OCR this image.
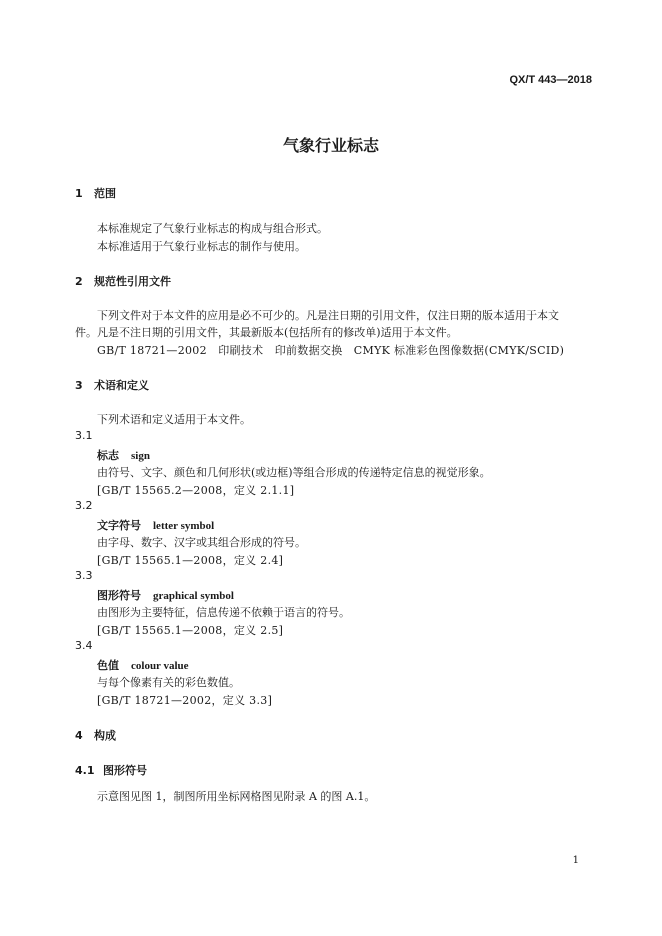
QX/T 443—2018
气象行业标志
1 范围
本标准规定了气象行业标志的构成与组合形式。
本标准适用于气象行业标志的制作与使用。
2 规范性引用文件
下列文件对于本文件的应用是必不可少的。凡是注日期的引用文件，仅注日期的版本适用于本文
件。凡是不注日期的引用文件，其最新版本(包括所有的修改单)适用于本文件。
GB/T 18721—2002　印刷技术　印前数据交换　CMYK 标准彩色图像数据(CMYK/SCID)
3 术语和定义
下列术语和定义适用于本文件。
3.1
标志 sign
由符号、文字、颜色和几何形状(或边框)等组合形成的传递特定信息的视觉形象。
[GB/T 15565.2—2008，定义 2.1.1]
3.2
文字符号 letter symbol
由字母、数字、汉字或其组合形成的符号。
[GB/T 15565.1—2008，定义 2.4]
3.3
图形符号 graphical symbol
由图形为主要特征，信息传递不依赖于语言的符号。
[GB/T 15565.1—2008，定义 2.5]
3.4
色值 colour value
与每个像素有关的彩色数值。
[GB/T 18721—2002，定义 3.3]
4 构成
4.1 图形符号
示意图见图 1，制图所用坐标网格图见附录 A 的图 A.1。
1
